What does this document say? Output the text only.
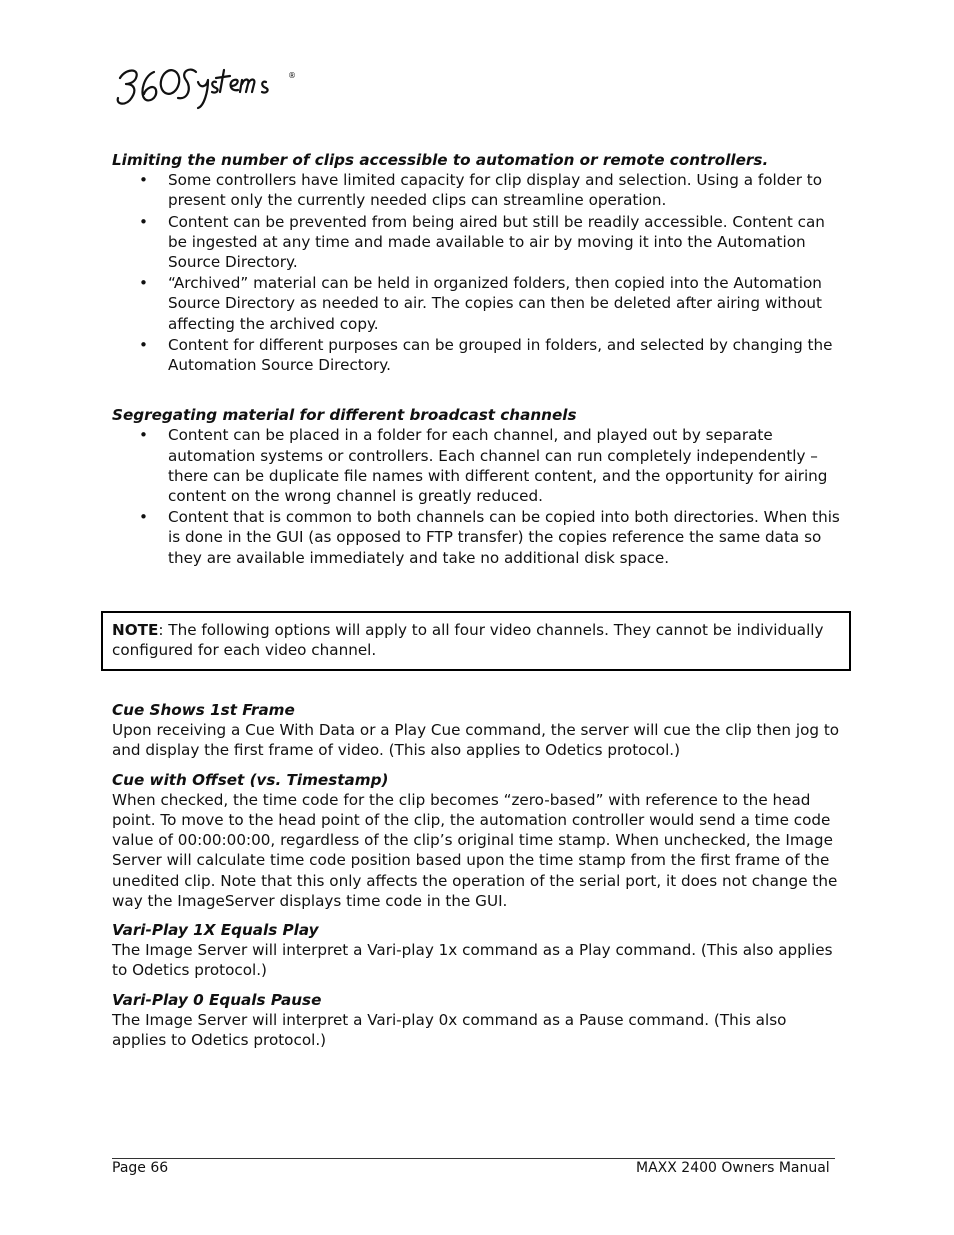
®

Limiting the number of clips accessible to automation or remote controllers.

• Some controllers have limited capacity for clip display and selection. Using a folder to present only the currently needed clips can streamline operation.
• Content can be prevented from being aired but still be readily accessible. Content can be ingested at any time and made available to air by moving it into the Automation Source Directory.
• “Archived” material can be held in organized folders, then copied into the Automation Source Directory as needed to air. The copies can then be deleted after airing without affecting the archived copy.
• Content for different purposes can be grouped in folders, and selected by changing the Automation Source Directory.

Segregating material for different broadcast channels

• Content can be placed in a folder for each channel, and played out by separate automation systems or controllers. Each channel can run completely independently – there can be duplicate file names with different content, and the opportunity for airing content on the wrong channel is greatly reduced.
• Content that is common to both channels can be copied into both directories. When this is done in the GUI (as opposed to FTP transfer) the copies reference the same data so they are available immediately and take no additional disk space.
NOTE: The following options will apply to all four video channels. They cannot be individually configured for each video channel.

Cue Shows 1st Frame

Upon receiving a Cue With Data or a Play Cue command, the server will cue the clip then jog to and display the first frame of video. (This also applies to Odetics protocol.)

Cue with Offset (vs. Timestamp)

When checked, the time code for the clip becomes “zero-based” with reference to the head point. To move to the head point of the clip, the automation controller would send a time code value of 00:00:00:00, regardless of the clip’s original time stamp. When unchecked, the Image Server will calculate time code position based upon the time stamp from the first frame of the unedited clip. Note that this only affects the operation of the serial port, it does not change the way the ImageServer displays time code in the GUI.

Vari-Play 1X Equals Play

The Image Server will interpret a Vari-play 1x command as a Play command. (This also applies to Odetics protocol.)

Vari-Play 0 Equals Pause

The Image Server will interpret a Vari-play 0x command as a Pause command. (This also applies to Odetics protocol.)

Page 66	MAXX 2400 Owners Manual
